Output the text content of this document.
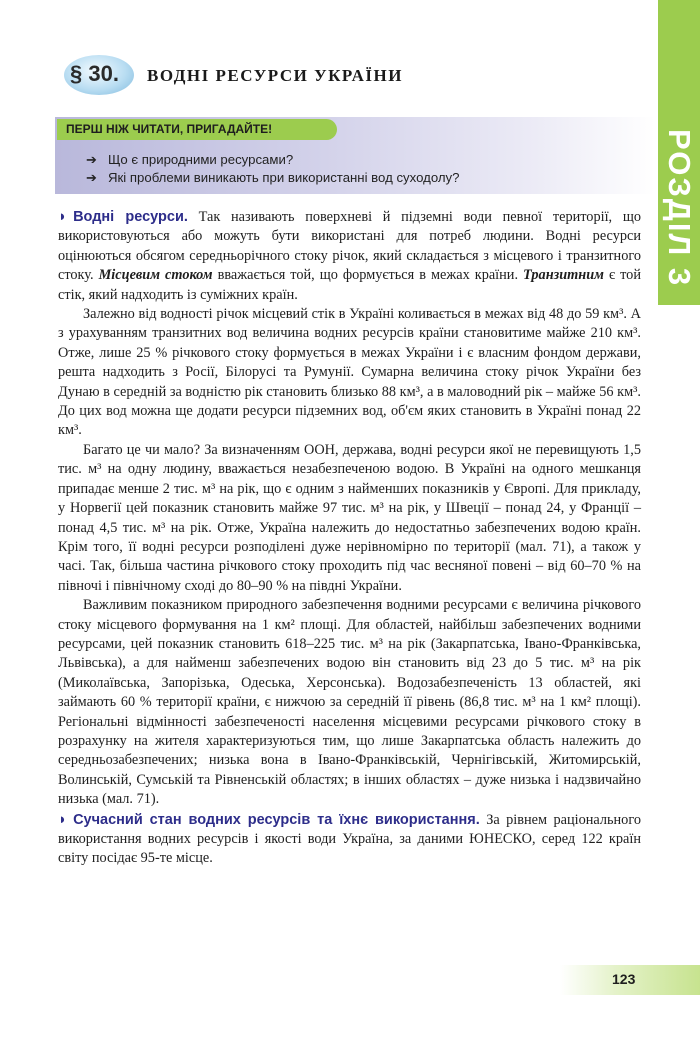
§ 30. ВОДНІ РЕСУРСИ УКРАЇНИ
ПЕРШ НІЖ ЧИТАТИ, ПРИГАДАЙТЕ!
➔ Що є природними ресурсами?
➔ Які проблеми виникають при використанні вод суходолу?

◗ Водні ресурси. Так називають поверхневі й підземні води певної території, що використовуються або можуть бути використані для потреб людини. Водні ресурси оцінюються обсягом середньорічного стоку річок, який складається з місцевого і транзитного стоку. Місцевим стоком вважається той, що формується в межах країни. Транзитним є той стік, який надходить із суміжних країн.

Залежно від водності річок місцевий стік в Україні коливається в межах від 48 до 59 км³. А з урахуванням транзитних вод величина водних ресурсів країни становитиме майже 210 км³. Отже, лише 25 % річкового стоку формується в межах України і є власним фондом держави, решта надходить з Росії, Білорусі та Румунії. Сумарна величина стоку річок України без Дунаю в середній за водністю рік становить близько 88 км³, а в маловодний рік – майже 56 км³. До цих вод можна ще додати ресурси підземних вод, об'єм яких становить в Україні понад 22 км³.

Багато це чи мало? За визначенням ООН, держава, водні ресурси якої не перевищують 1,5 тис. м³ на одну людину, вважається незабезпеченою водою. В Україні на одного мешканця припадає менше 2 тис. м³ на рік, що є одним з найменших показників у Європі. Для прикладу, у Норвегії цей показник становить майже 97 тис. м³ на рік, у Швеції – понад 24, у Франції – понад 4,5 тис. м³ на рік. Отже, Україна належить до недостатньо забезпечених водою країн. Крім того, її водні ресурси розподілені дуже нерівномірно по території (мал. 71), а також у часі. Так, більша частина річкового стоку проходить під час весняної повені – від 60–70 % на півночі і північному сході до 80–90 % на півдні України.

Важливим показником природного забезпечення водними ресурсами є величина річкового стоку місцевого формування на 1 км² площі. Для областей, найбільш забезпечених водними ресурсами, цей показник становить 618–225 тис. м³ на рік (Закарпатська, Івано-Франківська, Львівська), а для найменш забезпечених водою він становить від 23 до 5 тис. м³ на рік (Миколаївська, Запорізька, Одеська, Херсонська). Водозабезпеченість 13 областей, які займають 60 % території країни, є нижчою за середній її рівень (86,8 тис. м³ на 1 км² площі). Регіональні відмінності забезпеченості населення місцевими ресурсами річкового стоку в розрахунку на жителя характеризуються тим, що лише Закарпатська область належить до середньозабезпечених; низька вона в Івано-Франківській, Чернігівській, Житомирській, Волинській, Сумській та Рівненській областях; в інших областях – дуже низька і надзвичайно низька (мал. 71).

◗ Сучасний стан водних ресурсів та їхнє використання. За рівнем раціонального використання водних ресурсів і якості води Україна, за даними ЮНЕСКО, серед 122 країн світу посідає 95-те місце.

123
